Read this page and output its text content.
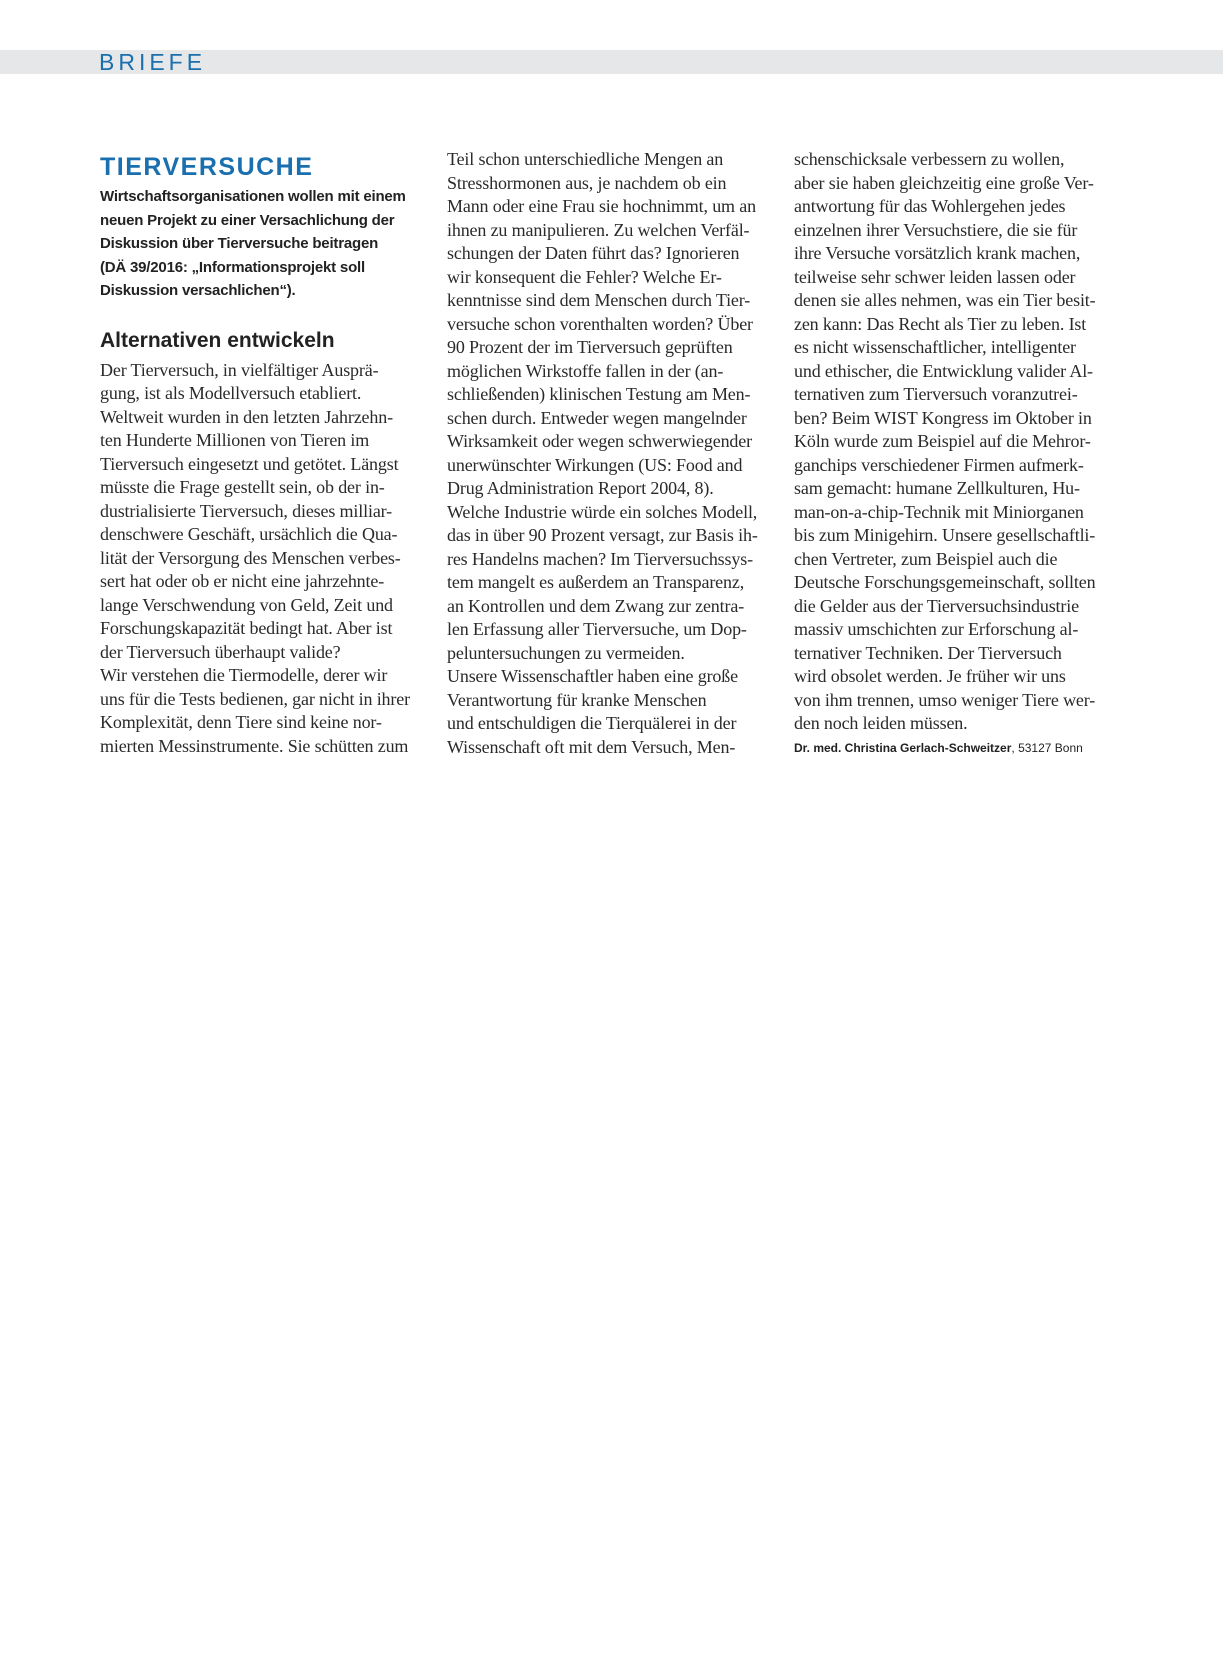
BRIEFE
TIERVERSUCHE
Wirtschaftsorganisationen wollen mit einem
neuen Projekt zu einer Versachlichung der
Diskussion über Tierversuche beitragen
(DÄ 39/2016: „Informationsprojekt soll
Diskussion versachlichen“).
Alternativen entwickeln
Der Tierversuch, in vielfältiger Ausprä-
gung, ist als Modellversuch etabliert.
Weltweit wurden in den letzten Jahrzehn-
ten Hunderte Millionen von Tieren im
Tierversuch eingesetzt und getötet. Längst
müsste die Frage gestellt sein, ob der in-
dustrialisierte Tierversuch, dieses milliar-
denschwere Geschäft, ursächlich die Qua-
lität der Versorgung des Menschen verbes-
sert hat oder ob er nicht eine jahrzehnte-
lange Verschwendung von Geld, Zeit und
Forschungskapazität bedingt hat. Aber ist
der Tierversuch überhaupt valide?
Wir verstehen die Tiermodelle, derer wir
uns für die Tests bedienen, gar nicht in ihrer
Komplexität, denn Tiere sind keine nor-
mierten Messinstrumente. Sie schütten zum
Teil schon unterschiedliche Mengen an
Stresshormonen aus, je nachdem ob ein
Mann oder eine Frau sie hochnimmt, um an
ihnen zu manipulieren. Zu welchen Verfäl-
schungen der Daten führt das? Ignorieren
wir konsequent die Fehler? Welche Er-
kenntnisse sind dem Menschen durch Tier-
versuche schon vorenthalten worden? Über
90 Prozent der im Tierversuch geprüften
möglichen Wirkstoffe fallen in der (an-
schließenden) klinischen Testung am Men-
schen durch. Entweder wegen mangelnder
Wirksamkeit oder wegen schwerwiegender
unerwünschter Wirkungen (US: Food and
Drug Administration Report 2004, 8).
Welche Industrie würde ein solches Modell,
das in über 90 Prozent versagt, zur Basis ih-
res Handelns machen? Im Tierversuchssys-
tem mangelt es außerdem an Transparenz,
an Kontrollen und dem Zwang zur zentra-
len Erfassung aller Tierversuche, um Dop-
peluntersuchungen zu vermeiden.
Unsere Wissenschaftler haben eine große
Verantwortung für kranke Menschen
und entschuldigen die Tierquälerei in der
Wissenschaft oft mit dem Versuch, Men-
schenschicksale verbessern zu wollen,
aber sie haben gleichzeitig eine große Ver-
antwortung für das Wohlergehen jedes
einzelnen ihrer Versuchstiere, die sie für
ihre Versuche vorsätzlich krank machen,
teilweise sehr schwer leiden lassen oder
denen sie alles nehmen, was ein Tier besit-
zen kann: Das Recht als Tier zu leben. Ist
es nicht wissenschaftlicher, intelligenter
und ethischer, die Entwicklung valider Al-
ternativen zum Tierversuch voranzutrei-
ben? Beim WIST Kongress im Oktober in
Köln wurde zum Beispiel auf die Mehror-
ganchips verschiedener Firmen aufmerk-
sam gemacht: humane Zellkulturen, Hu-
man-on-a-chip-Technik mit Miniorganen
bis zum Minigehirn. Unsere gesellschaftli-
chen Vertreter, zum Beispiel auch die
Deutsche Forschungsgemeinschaft, sollten
die Gelder aus der Tierversuchsindustrie
massiv umschichten zur Erforschung al-
ternativer Techniken. Der Tierversuch
wird obsolet werden. Je früher wir uns
von ihm trennen, umso weniger Tiere wer-
den noch leiden müssen.
Dr. med. Christina Gerlach-Schweitzer, 53127 Bonn
